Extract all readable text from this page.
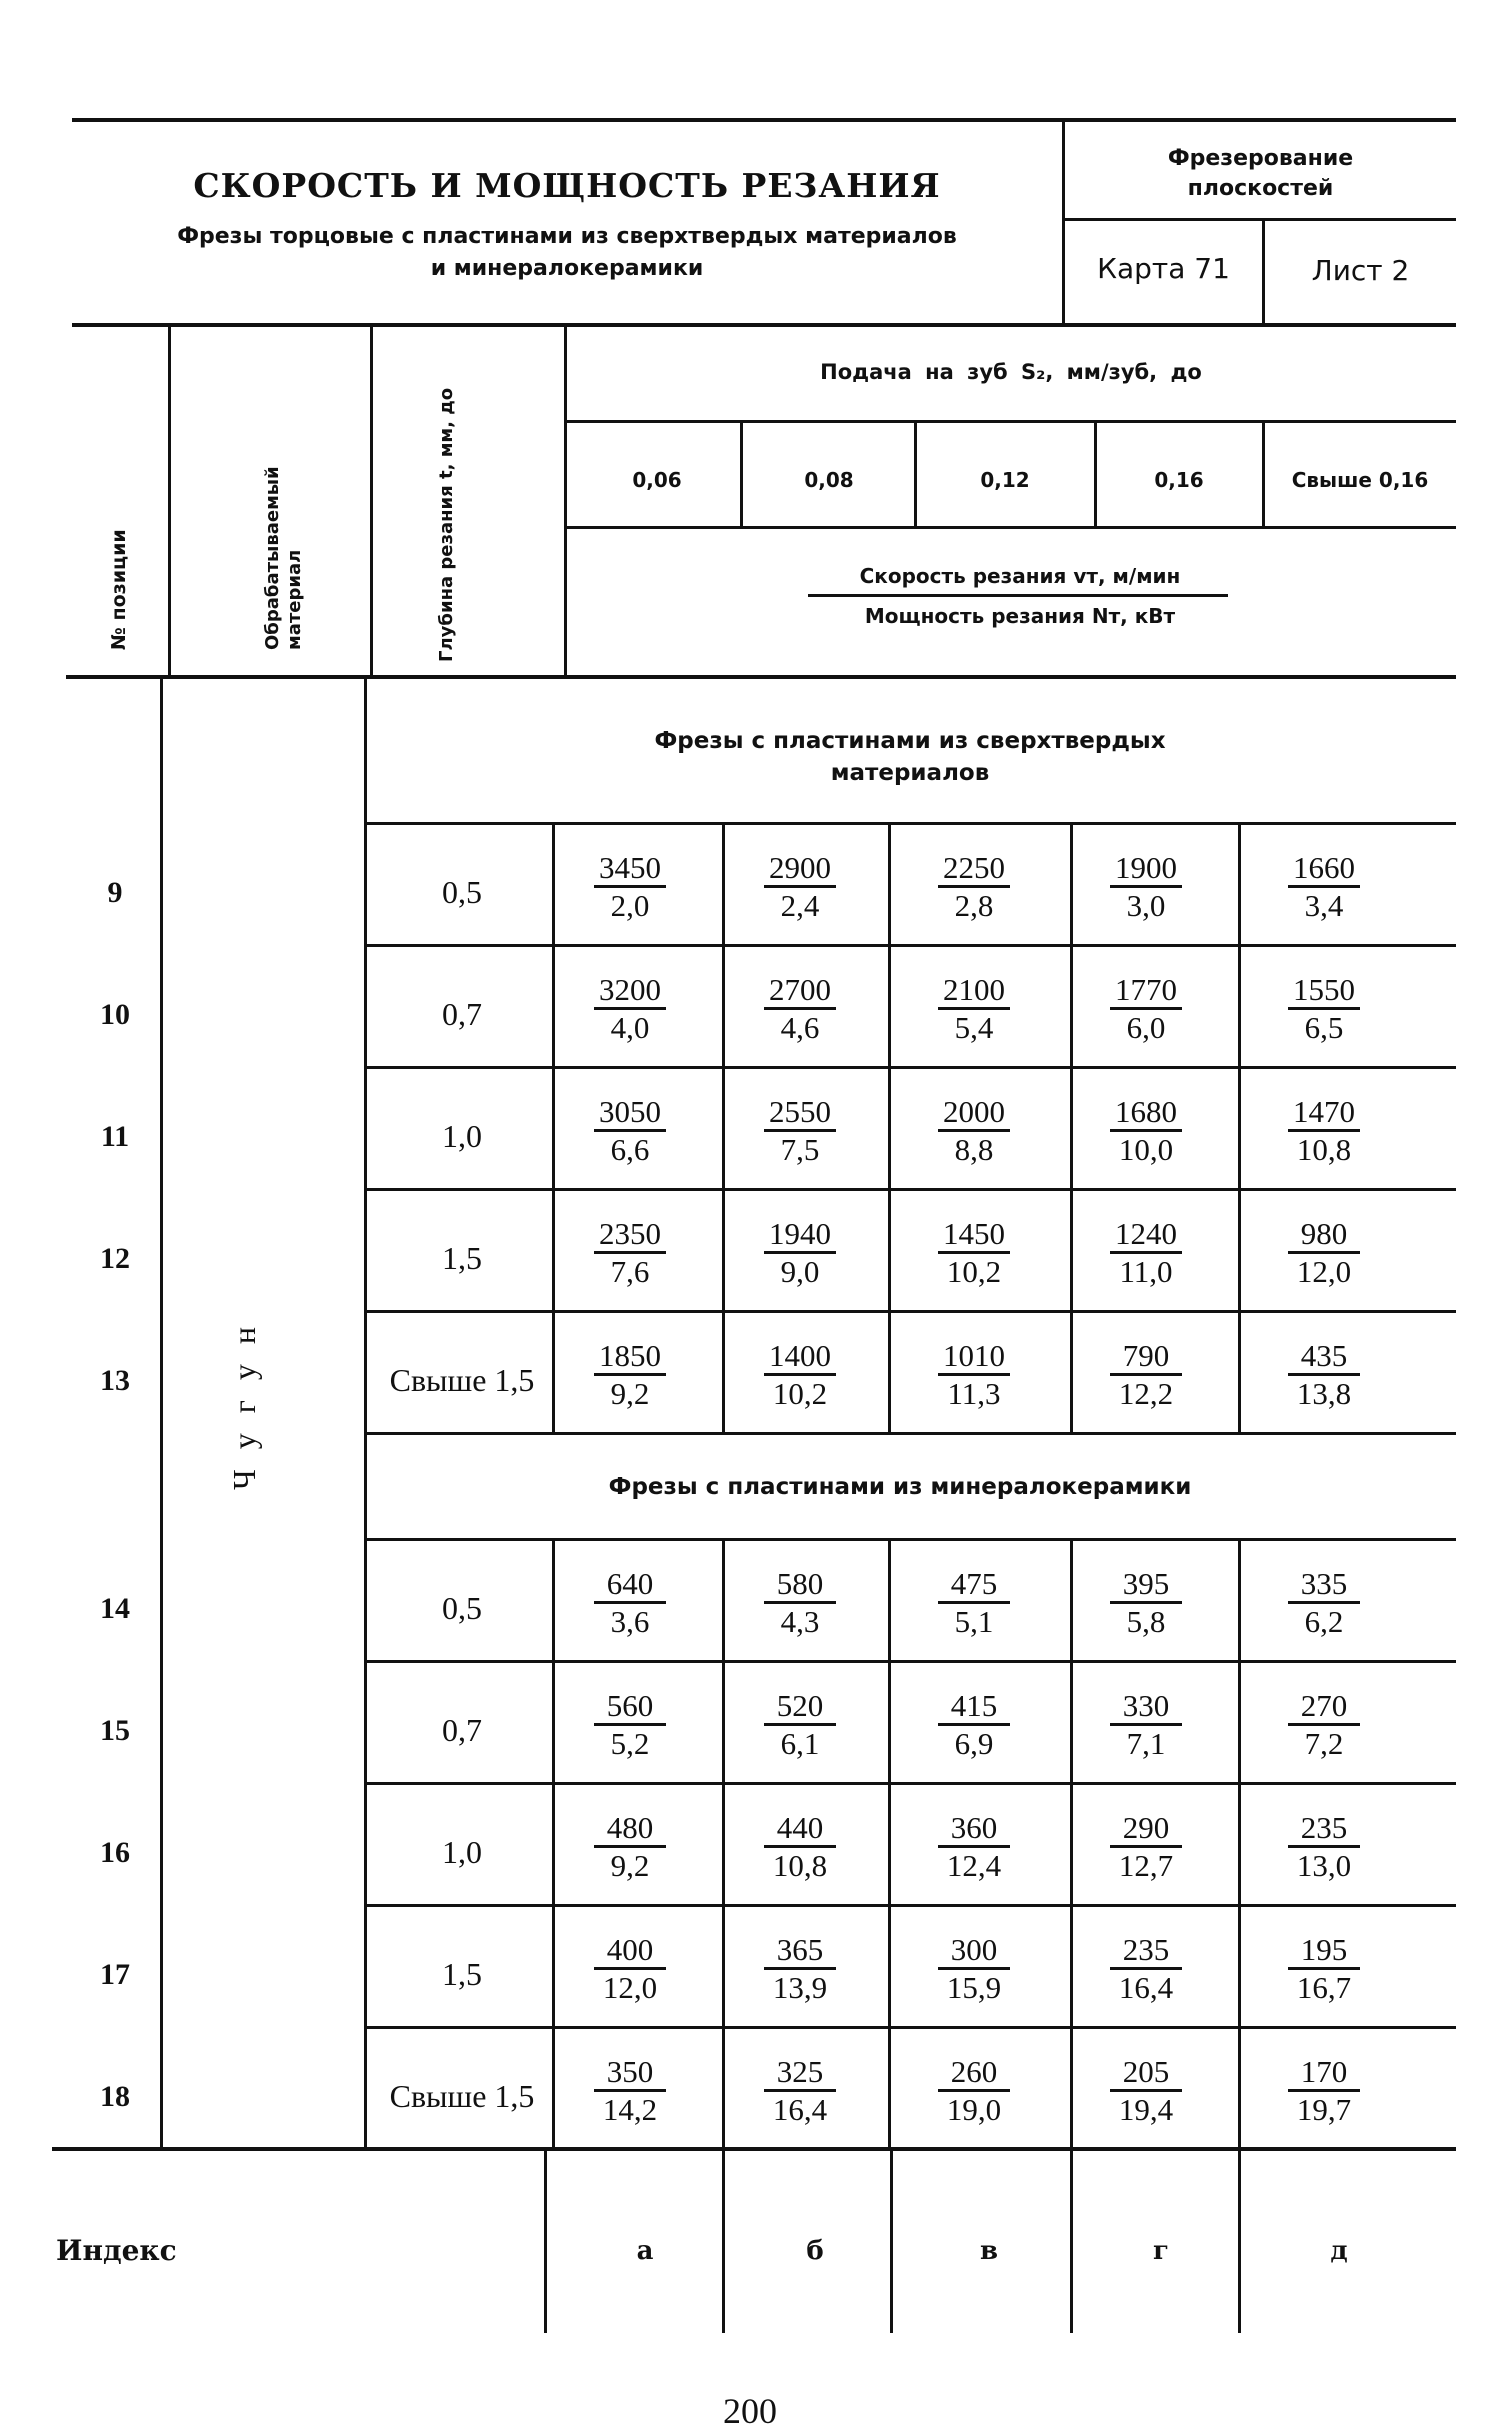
СКОРОСТЬ И МОЩНОСТЬ РЕЗАНИЯ
Фрезы торцовые с пластинами из сверхтвердых материалов
и минералокерамики
Фрезерование
плоскостей
Карта 71	Лист 2
№ позиции	Обрабатываемый материал	Глубина резания t, мм, до
Подача на зуб S₂, мм/зуб, до
0,06	0,08	0,12	0,16	Свыше 0,16
Скорость резания vᴛ, м/мин
Мощность резания Nᴛ, кВт
Ч у г у н
Фрезы с пластинами из сверхтвердых
материалов
Фрезы с пластинами из минералокерамики
9	0,5	$\frac{3450}{2,0} \frac{2900}{2,4} \frac{2250}{2,8} \frac{1900}{3,0} \frac{1660}{3,4}$
10	0,7	$\frac{3200}{4,0} \frac{2700}{4,6} \frac{2100}{5,4} \frac{1770}{6,0} \frac{1550}{6,5}$
11	1,0	$\frac{3050}{6,6} \frac{2550}{7,5} \frac{2000}{8,8} \frac{1680}{10,0} \frac{1470}{10,8}$
12	1,5	$\frac{2350}{7,6} \frac{1940}{9,0} \frac{1450}{10,2} \frac{1240}{11,0} \frac{980}{12,0}$
13	Свыше $1,5 \frac{1850}{9,2} \frac{1400}{10,2} \frac{1010}{11,3} \frac{790}{12,2} \frac{435}{13,8}$
14	0,5	$\frac{640}{3,6} \frac{580}{4,3} \frac{475}{5,1} \frac{395}{5,8} \frac{335}{6,2}$
15	0,7	$\frac{560}{5,2} \frac{520}{6,1} \frac{415}{6,9} \frac{330}{7,1} \frac{270}{7,2}$
16	1,0	$\frac{480}{9,2} \frac{440}{10,8} \frac{360}{12,4} \frac{290}{12,7} \frac{235}{13,0}$
17	1,5	$\frac{400}{12,0} \frac{365}{13,9} \frac{300}{15,9} \frac{235}{16,4} \frac{195}{16,7}$
18	Свыше $1,5 \frac{350}{14,2} \frac{325}{16,4} \frac{260}{19,0} \frac{205}{19,4} \frac{170}{19,7}$
Индекс	а	б	в	г	д
200
